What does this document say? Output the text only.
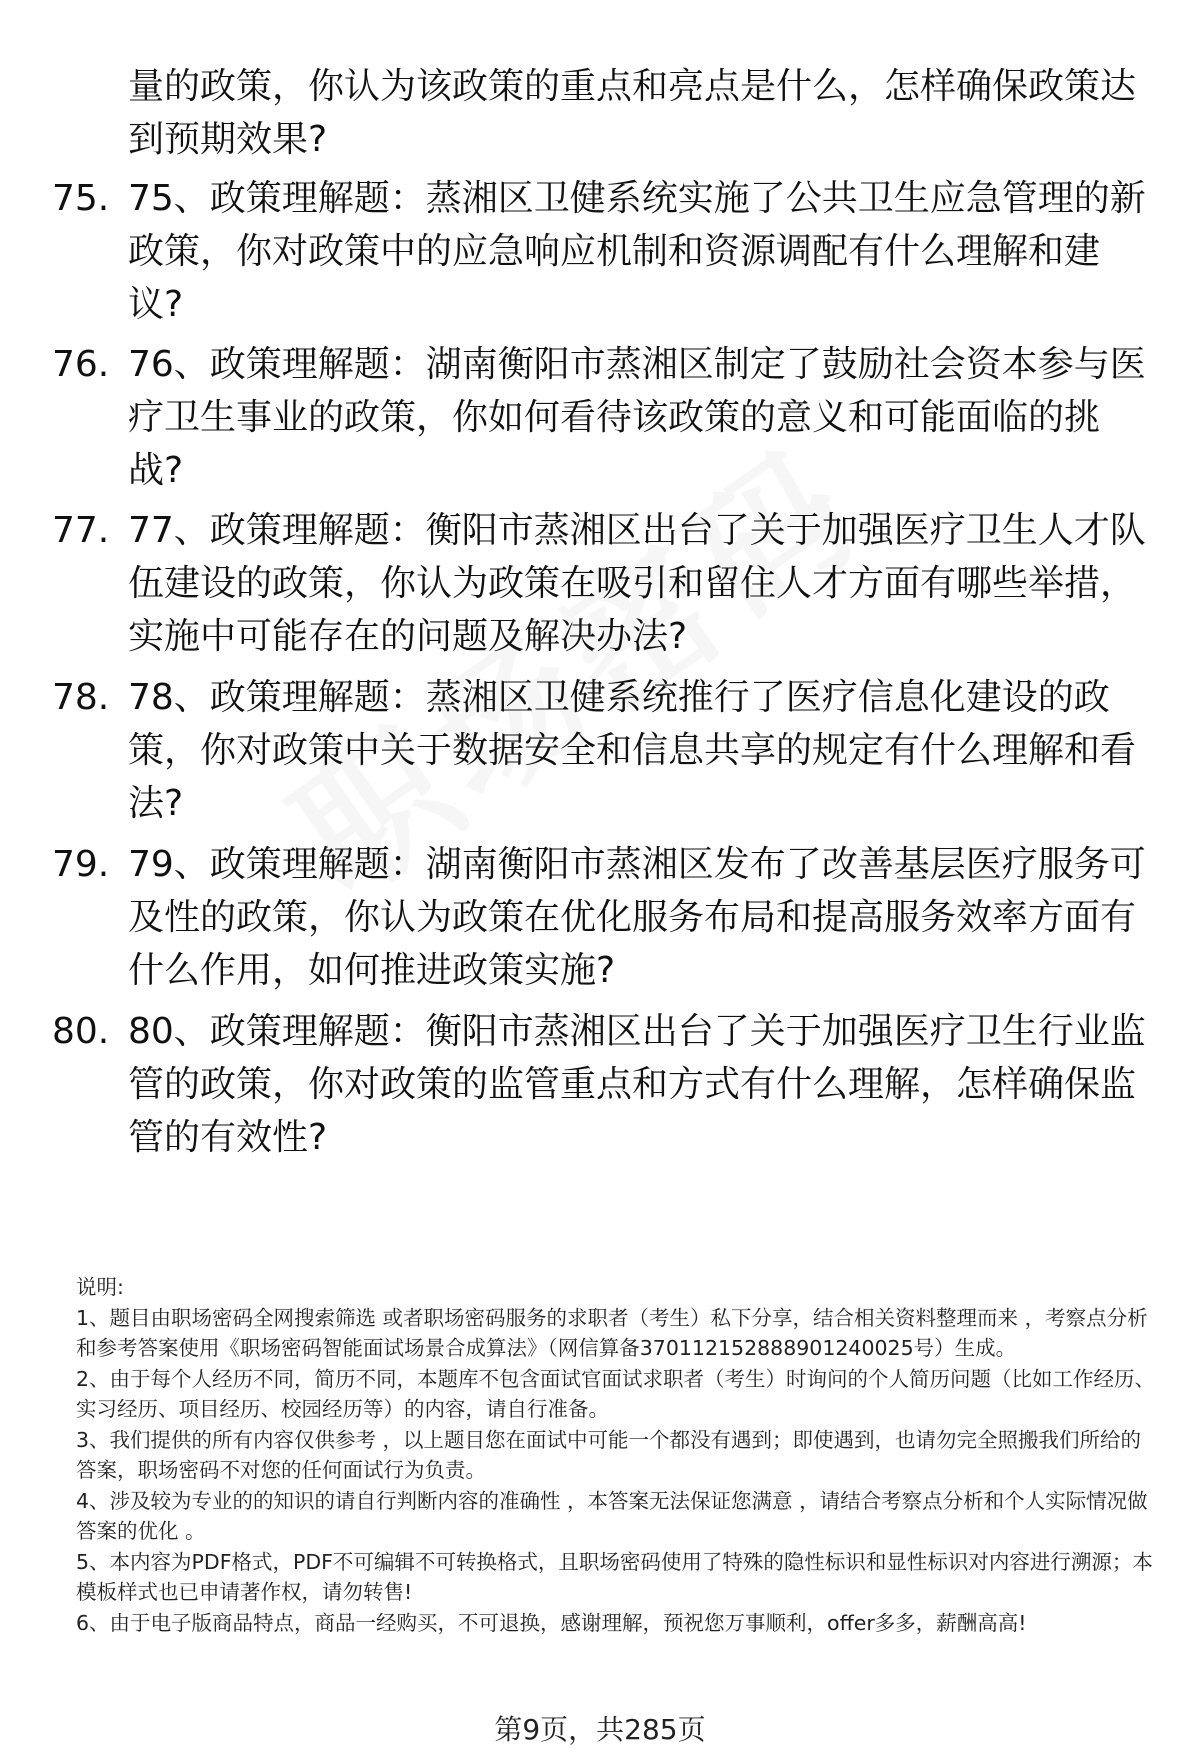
量的政策，你认为该政策的重点和亮点是什么，怎样确保政策达到预期效果?
75. 75、政策理解题：蒸湘区卫健系统实施了公共卫生应急管理的新政策，你对政策中的应急响应机制和资源调配有什么理解和建议?
76. 76、政策理解题：湖南衡阳市蒸湘区制定了鼓励社会资本参与医疗卫生事业的政策，你如何看待该政策的意义和可能面临的挑战?
77. 77、政策理解题：衡阳市蒸湘区出台了关于加强医疗卫生人才队伍建设的政策，你认为政策在吸引和留住人才方面有哪些举措，实施中可能存在的问题及解决办法?
78. 78、政策理解题：蒸湘区卫健系统推行了医疗信息化建设的政策，你对政策中关于数据安全和信息共享的规定有什么理解和看法?
79. 79、政策理解题：湖南衡阳市蒸湘区发布了改善基层医疗服务可及性的政策，你认为政策在优化服务布局和提高服务效率方面有什么作用，如何推进政策实施?
80. 80、政策理解题：衡阳市蒸湘区出台了关于加强医疗卫生行业监管的政策，你对政策的监管重点和方式有什么理解，怎样确保监管的有效性?

说明:

1、题目由职场密码全网搜索筛选 或者职场密码服务的求职者（考生）私下分享，结合相关资料整理而来 ，考察点分析和参考答案使用《职场密码智能面试场景合成算法》（网信算备370112152888901240025号）生成。

2、由于每个人经历不同，简历不同，本题库不包含面试官面试求职者（考生）时询问的个人简历问题（比如工作经历、实习经历、项目经历、校园经历等）的内容，请自行准备。

3、我们提供的所有内容仅供参考 ，以上题目您在面试中可能一个都没有遇到；即使遇到，也请勿完全照搬我们所给的答案，职场密码不对您的任何面试行为负责。

4、涉及较为专业的的知识的请自行判断内容的准确性 ，本答案无法保证您满意 ，请结合考察点分析和个人实际情况做答案的优化 。

5、本内容为PDF格式，PDF不可编辑不可转换格式，且职场密码使用了特殊的隐性标识和显性标识对内容进行溯源；本模板样式也已申请著作权，请勿转售!

6、由于电子版商品特点，商品一经购买，不可退换，感谢理解，预祝您万事顺利，offer多多，薪酬高高!

第9页，共285页
